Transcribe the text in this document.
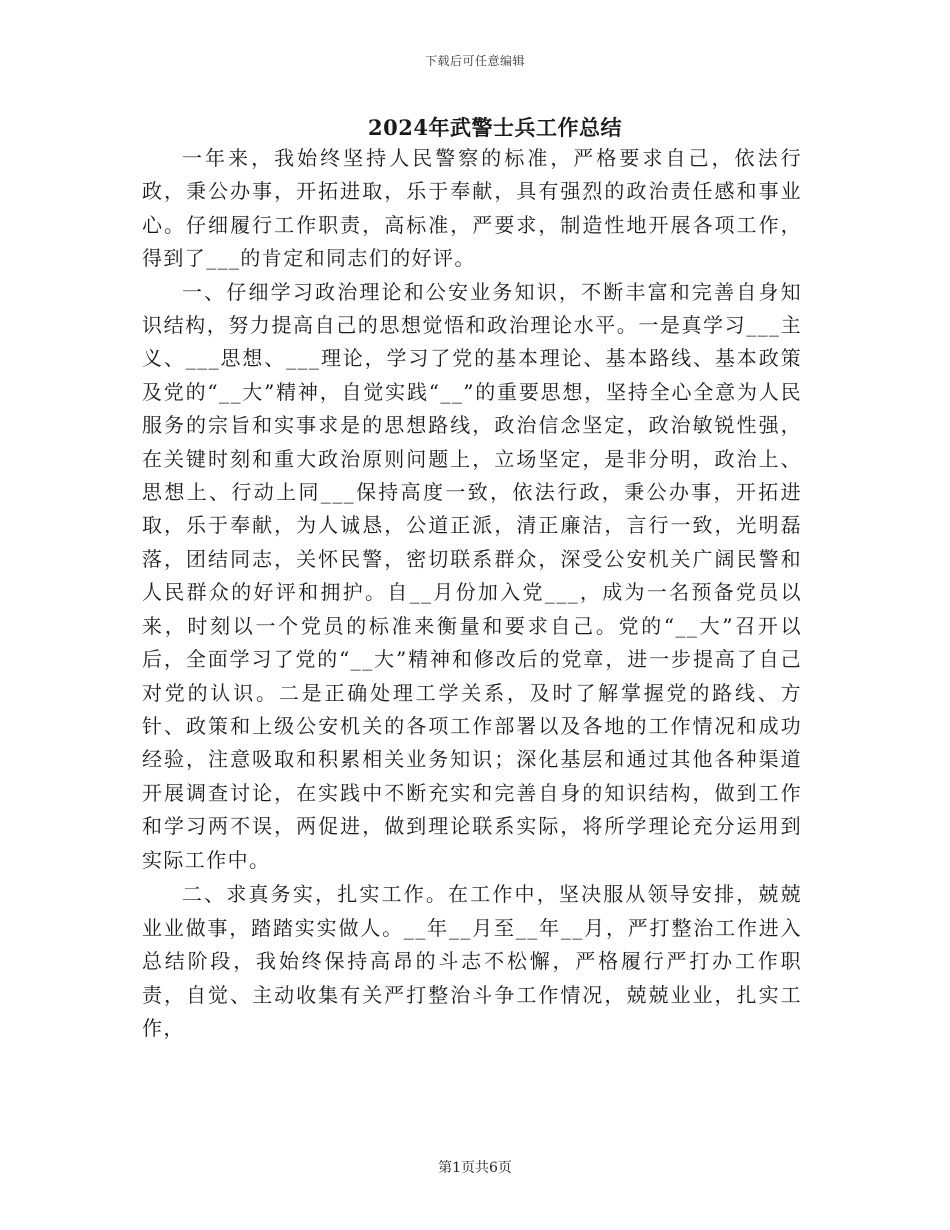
下载后可任意编辑
2024年武警士兵工作总结

一年来，我始终坚持人民警察的标准，严格要求自己，依法行政，秉公办事，开拓进取，乐于奉献，具有强烈的政治责任感和事业心。仔细履行工作职责，高标准，严要求，制造性地开展各项工作，得到了___的肯定和同志们的好评。

一、仔细学习政治理论和公安业务知识，不断丰富和完善自身知识结构，努力提高自己的思想觉悟和政治理论水平。一是真学习___主义、___思想、___理论，学习了党的基本理论、基本路线、基本政策及党的“__大”精神，自觉实践“__”的重要思想，坚持全心全意为人民服务的宗旨和实事求是的思想路线，政治信念坚定，政治敏锐性强，在关键时刻和重大政治原则问题上，立场坚定，是非分明，政治上、思想上、行动上同___保持高度一致，依法行政，秉公办事，开拓进取，乐于奉献，为人诚恳，公道正派，清正廉洁，言行一致，光明磊落，团结同志，关怀民警，密切联系群众，深受公安机关广阔民警和人民群众的好评和拥护。自__月份加入党___，成为一名预备党员以来，时刻以一个党员的标准来衡量和要求自己。党的“__大”召开以后，全面学习了党的“__大”精神和修改后的党章，进一步提高了自己对党的认识。二是正确处理工学关系，及时了解掌握党的路线、方针、政策和上级公安机关的各项工作部署以及各地的工作情况和成功经验，注意吸取和积累相关业务知识；深化基层和通过其他各种渠道开展调查讨论，在实践中不断充实和完善自身的知识结构，做到工作和学习两不误，两促进，做到理论联系实际，将所学理论充分运用到实际工作中。

二、求真务实，扎实工作。在工作中，坚决服从领导安排，兢兢业业做事，踏踏实实做人。__年__月至__年__月，严打整治工作进入总结阶段，我始终保持高昂的斗志不松懈，严格履行严打办工作职责，自觉、主动收集有关严打整治斗争工作情况，兢兢业业，扎实工作，

第1页共6页
